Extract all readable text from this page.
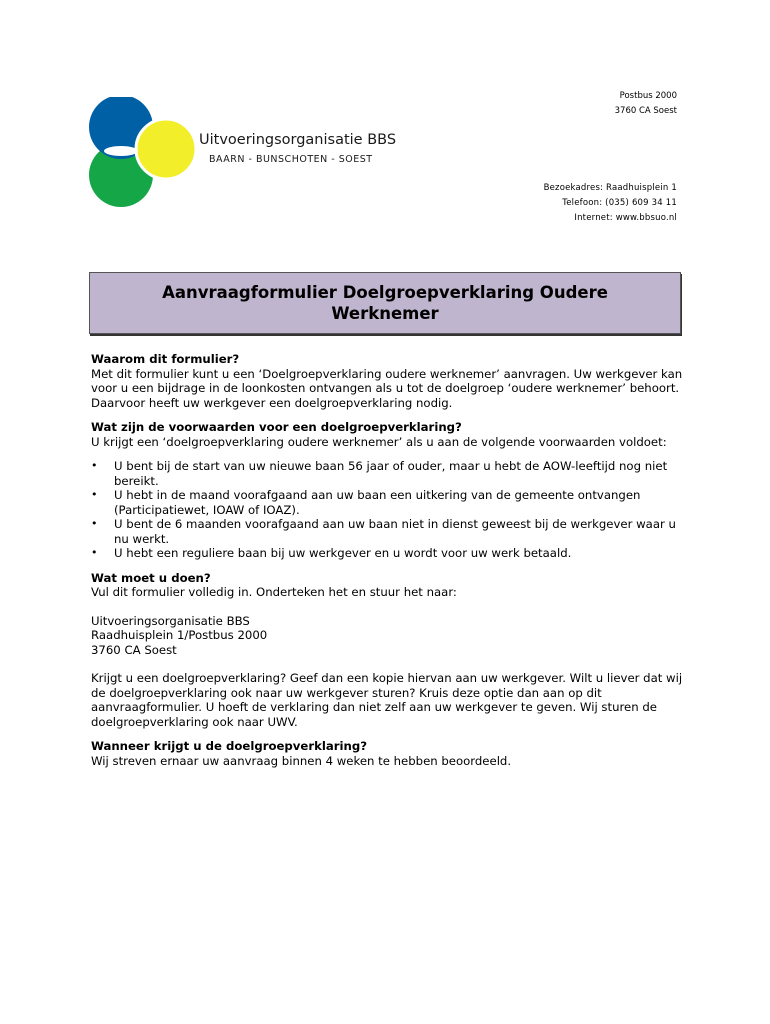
Uitvoeringsorganisatie BBS
BAARN - BUNSCHOTEN - SOEST
Postbus 2000
3760 CA Soest
Bezoekadres: Raadhuisplein 1
Telefoon: (035) 609 34 11
Internet: www.bbsuo.nl
Aanvraagformulier Doelgroepverklaring Oudere Werknemer

Waarom dit formulier?

Met dit formulier kunt u een ‘Doelgroepverklaring oudere werknemer’ aanvragen. Uw werkgever kan voor u een bijdrage in de loonkosten ontvangen als u tot de doelgroep ‘oudere werknemer’ behoort. Daarvoor heeft uw werkgever een doelgroepverklaring nodig.

Wat zijn de voorwaarden voor een doelgroepverklaring?

U krijgt een ‘doelgroepverklaring oudere werknemer’ als u aan de volgende voorwaarden voldoet:

• U bent bij de start van uw nieuwe baan 56 jaar of ouder, maar u hebt de AOW-leeftijd nog niet bereikt.
• U hebt in de maand voorafgaand aan uw baan een uitkering van de gemeente ontvangen (Participatiewet, IOAW of IOAZ).
• U bent de 6 maanden voorafgaand aan uw baan niet in dienst geweest bij de werkgever waar u nu werkt.
• U hebt een reguliere baan bij uw werkgever en u wordt voor uw werk betaald.

Wat moet u doen?

Vul dit formulier volledig in. Onderteken het en stuur het naar:

Uitvoeringsorganisatie BBS

Raadhuisplein 1/Postbus 2000

3760 CA Soest

Krijgt u een doelgroepverklaring? Geef dan een kopie hiervan aan uw werkgever. Wilt u liever dat wij de doelgroepverklaring ook naar uw werkgever sturen? Kruis deze optie dan aan op dit aanvraagformulier. U hoeft de verklaring dan niet zelf aan uw werkgever te geven. Wij sturen de doelgroepverklaring ook naar UWV.

Wanneer krijgt u de doelgroepverklaring?

Wij streven ernaar uw aanvraag binnen 4 weken te hebben beoordeeld.
